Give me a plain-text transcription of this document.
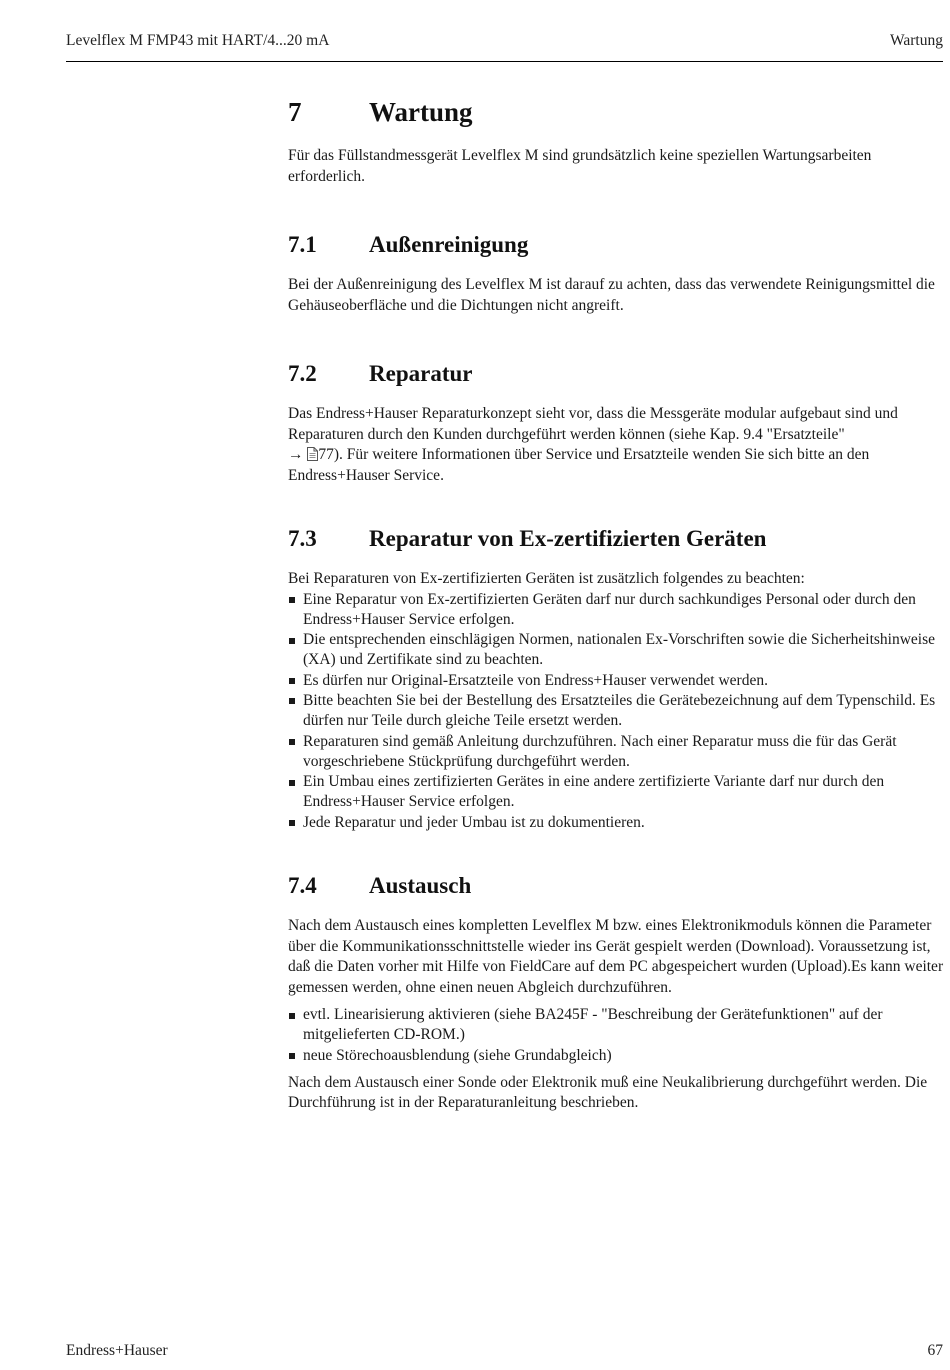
Levelflex M FMP43 mit HART/4...20 mA	Wartung
7	Wartung

Für das Füllstandmessgerät Levelflex M sind grundsätzlich keine speziellen Wartungsarbeiten erforderlich.

7.1 Außenreinigung

Bei der Außenreinigung des Levelflex M ist darauf zu achten, dass das verwendete Reinigungsmittel die Gehäuseoberfläche und die Dichtungen nicht angreift.

7.2 Reparatur

Das Endress+Hauser Reparaturkonzept sieht vor, dass die Messgeräte modular aufgebaut sind und Reparaturen durch den Kunden durchgeführt werden können (siehe Kap. 9.4 "Ersatzteile"
→ 77). Für weitere Informationen über Service und Ersatzteile wenden Sie sich bitte an den Endress+Hauser Service.

7.3 Reparatur von Ex-zertifizierten Geräten

Bei Reparaturen von Ex-zertifizierten Geräten ist zusätzlich folgendes zu beachten:

Eine Reparatur von Ex-zertifizierten Geräten darf nur durch sachkundiges Personal oder durch den Endress+Hauser Service erfolgen.
Die entsprechenden einschlägigen Normen, nationalen Ex-Vorschriften sowie die Sicherheitshinweise (XA) und Zertifikate sind zu beachten.
Es dürfen nur Original-Ersatzteile von Endress+Hauser verwendet werden.
Bitte beachten Sie bei der Bestellung des Ersatzteiles die Gerätebezeichnung auf dem Typenschild. Es dürfen nur Teile durch gleiche Teile ersetzt werden.
Reparaturen sind gemäß Anleitung durchzuführen. Nach einer Reparatur muss die für das Gerät vorgeschriebene Stückprüfung durchgeführt werden.
Ein Umbau eines zertifizierten Gerätes in eine andere zertifizierte Variante darf nur durch den Endress+Hauser Service erfolgen.
Jede Reparatur und jeder Umbau ist zu dokumentieren.
7.4 Austausch

Nach dem Austausch eines kompletten Levelflex M bzw. eines Elektronikmoduls können die Parameter über die Kommunikationsschnittstelle wieder ins Gerät gespielt werden (Download). Voraussetzung ist, daß die Daten vorher mit Hilfe von FieldCare auf dem PC abgespeichert wurden (Upload).Es kann weiter gemessen werden, ohne einen neuen Abgleich durchzuführen.

evtl. Linearisierung aktivieren (siehe BA245F - "Beschreibung der Gerätefunktionen" auf der mitgelieferten CD-ROM.)
neue Störechoausblendung (siehe Grundabgleich)

Nach dem Austausch einer Sonde oder Elektronik muß eine Neukalibrierung durchgeführt werden. Die Durchführung ist in der Reparaturanleitung beschrieben.

Endress+Hauser	67
